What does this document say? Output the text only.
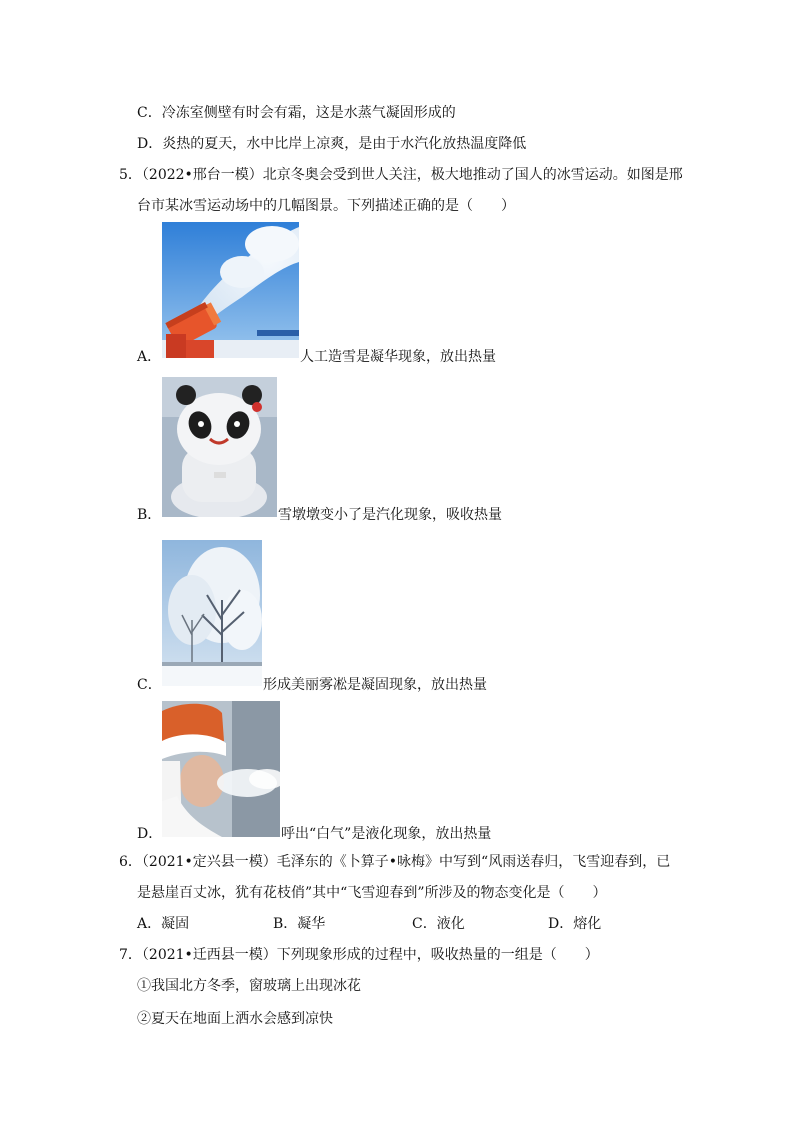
C．冷冻室侧壁有时会有霜，这是水蒸气凝固形成的
D．炎热的夏天，水中比岸上凉爽，是由于水汽化放热温度降低
5．（2022•邢台一模）北京冬奥会受到世人关注，极大地推动了国人的冰雪运动。如图是邢
台市某冰雪运动场中的几幅图景。下列描述正确的是（　　）
A．	人工造雪是凝华现象，放出热量
B．	雪墩墩变小了是汽化现象，吸收热量
C．	形成美丽雾凇是凝固现象，放出热量
D．	呼出“白气”是液化现象，放出热量
6．（2021•定兴县一模）毛泽东的《卜算子•咏梅》中写到“风雨送春归，飞雪迎春到，已
是悬崖百丈冰，犹有花枝俏”其中“飞雪迎春到”所涉及的物态变化是（　　）
A．凝固	B．凝华	C．液化	D．熔化
7．（2021•迁西县一模）下列现象形成的过程中，吸收热量的一组是（　　）
①我国北方冬季，窗玻璃上出现冰花
②夏天在地面上洒水会感到凉快
